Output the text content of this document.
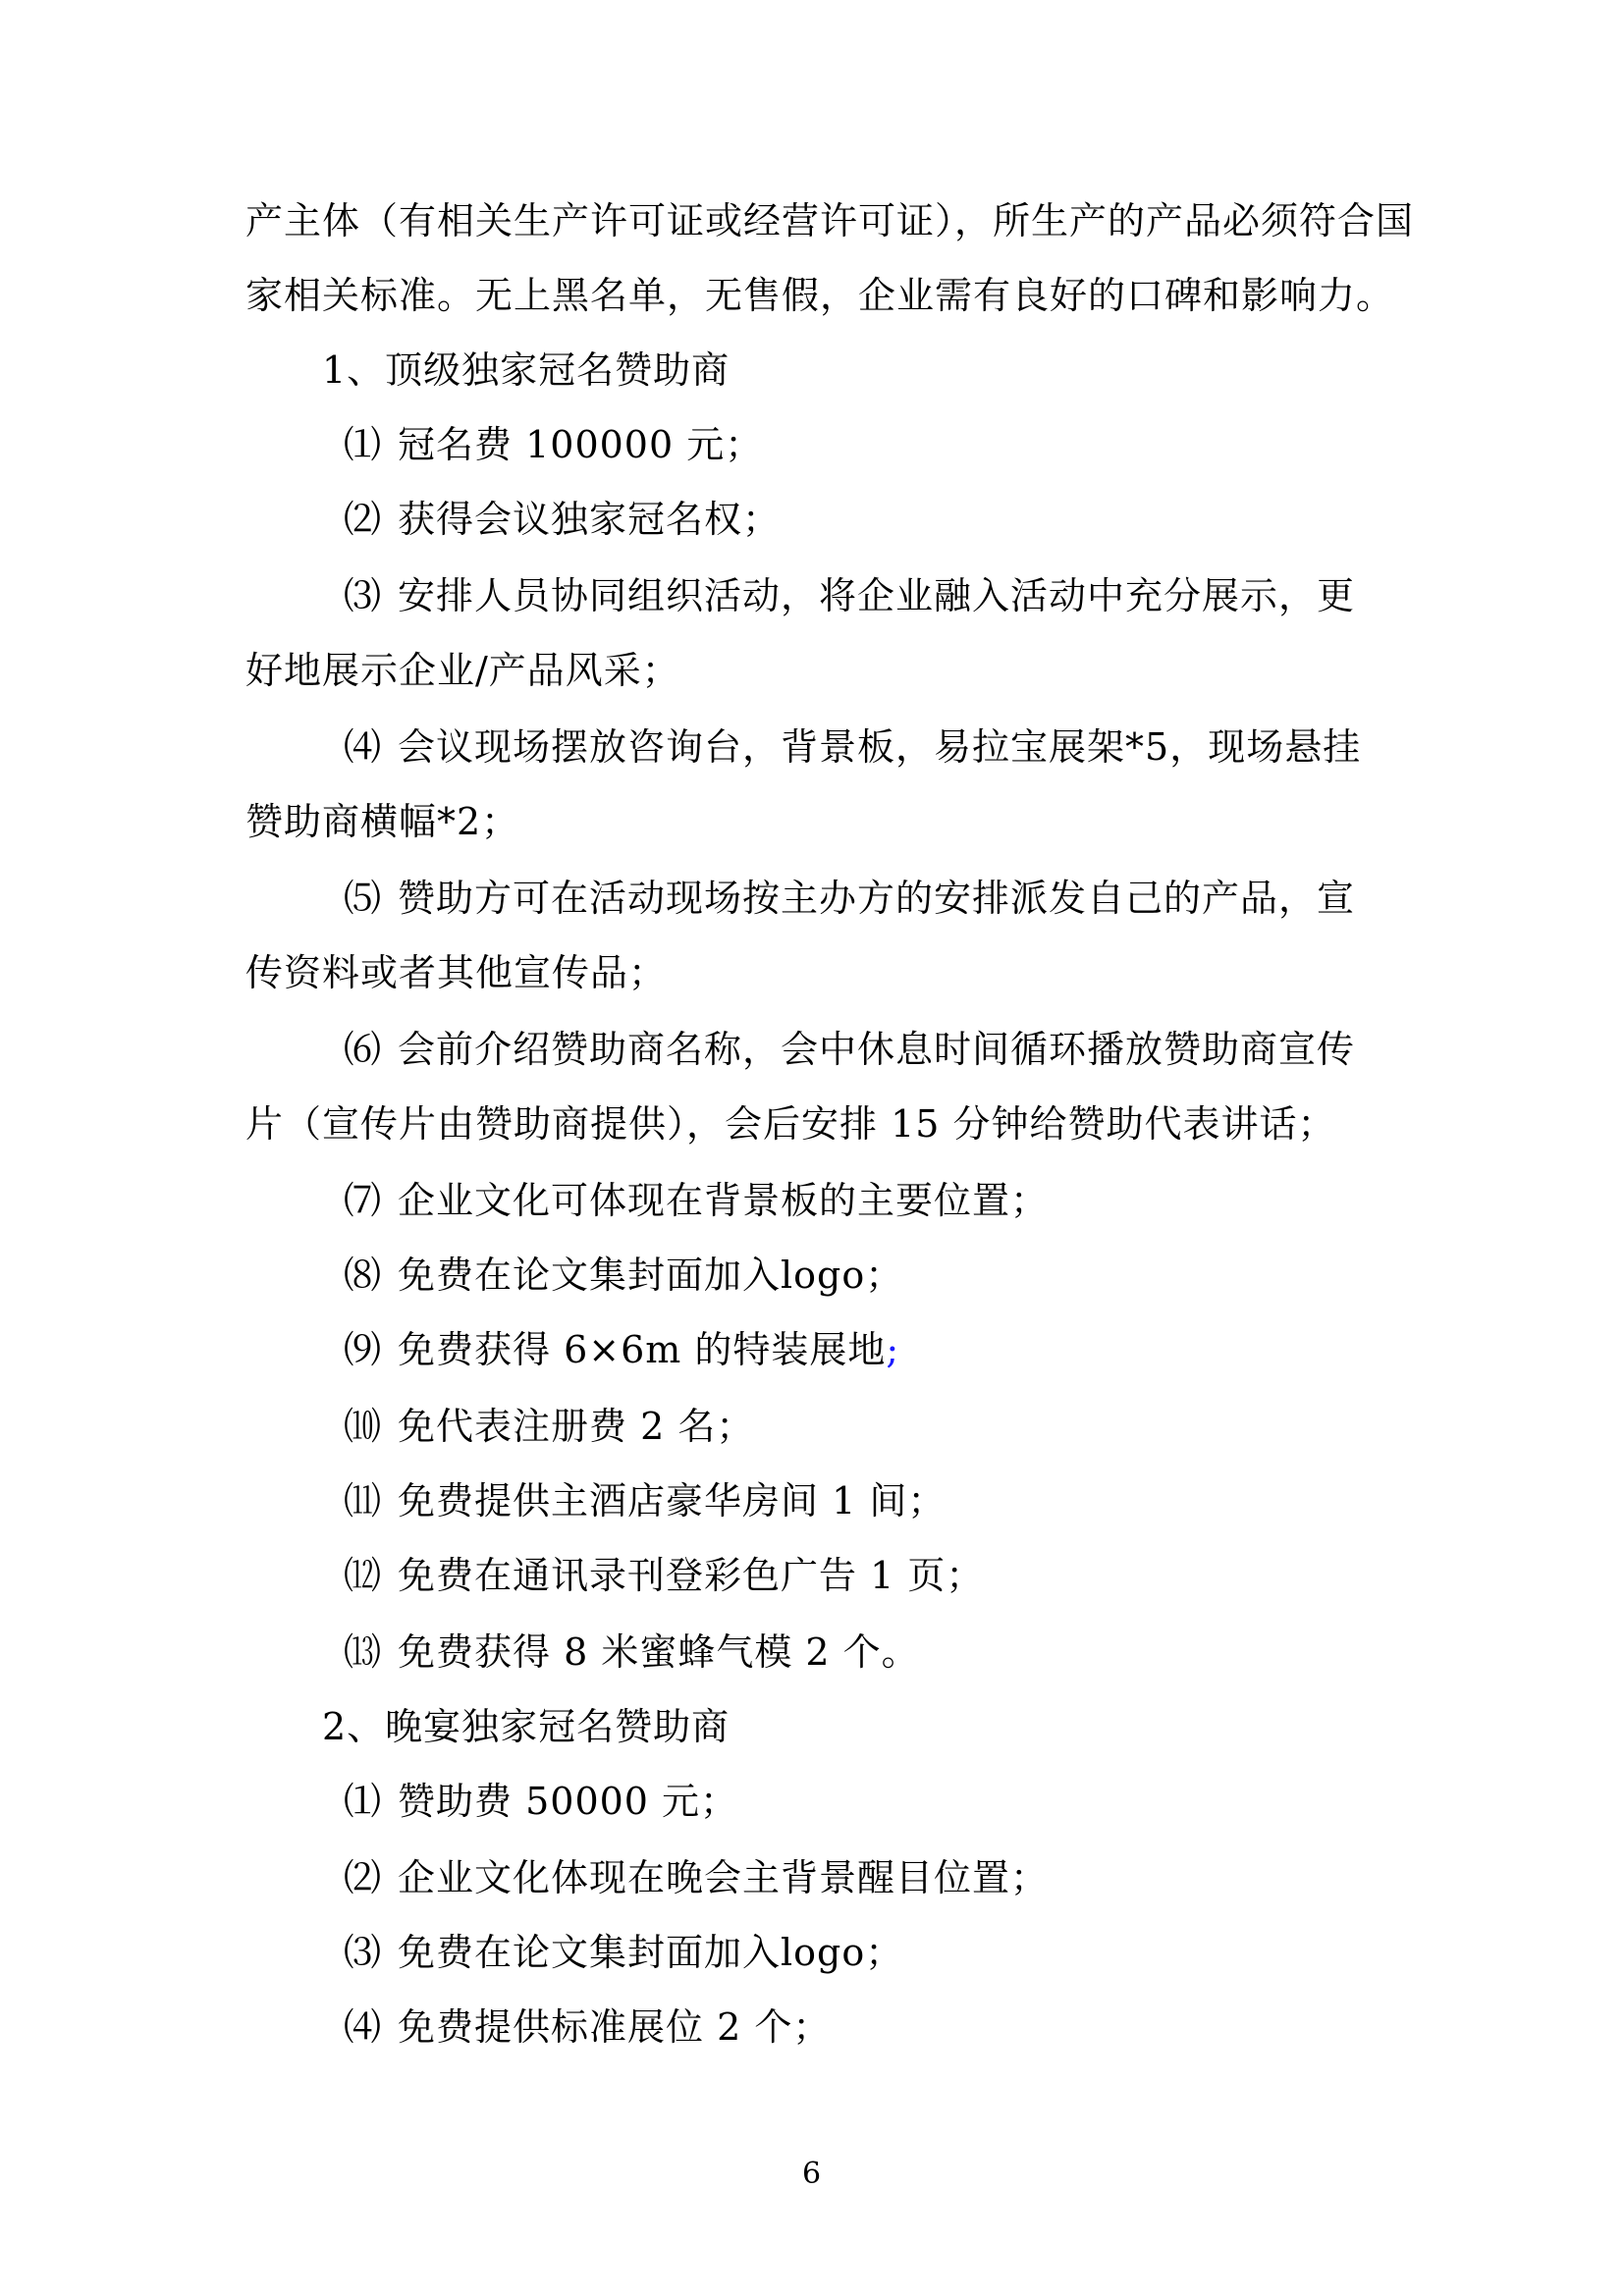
产主体（有相关生产许可证或经营许可证），所生产的产品必须符合国
家相关标准。无上黑名单，无售假，企业需有良好的口碑和影响力。
1、顶级独家冠名赞助商
⑴ 冠名费 100000 元；
⑵ 获得会议独家冠名权；
⑶ 安排人员协同组织活动，将企业融入活动中充分展示，更
好地展示企业/产品风采；
⑷ 会议现场摆放咨询台，背景板，易拉宝展架*5，现场悬挂
赞助商横幅*2；
⑸ 赞助方可在活动现场按主办方的安排派发自己的产品，宣
传资料或者其他宣传品；
⑹ 会前介绍赞助商名称，会中休息时间循环播放赞助商宣传
片（宣传片由赞助商提供），会后安排 15 分钟给赞助代表讲话；
⑺ 企业文化可体现在背景板的主要位置；
⑻ 免费在论文集封面加入logo；
⑼ 免费获得 6×6m 的特装展地;
⑽ 免代表注册费 2 名；
⑾ 免费提供主酒店豪华房间 1 间；
⑿ 免费在通讯录刊登彩色广告 1 页；
⒀ 免费获得 8 米蜜蜂气模 2 个。
2、晚宴独家冠名赞助商
⑴ 赞助费 50000 元；
⑵ 企业文化体现在晚会主背景醒目位置；
⑶ 免费在论文集封面加入logo；
⑷ 免费提供标准展位 2 个；
6
